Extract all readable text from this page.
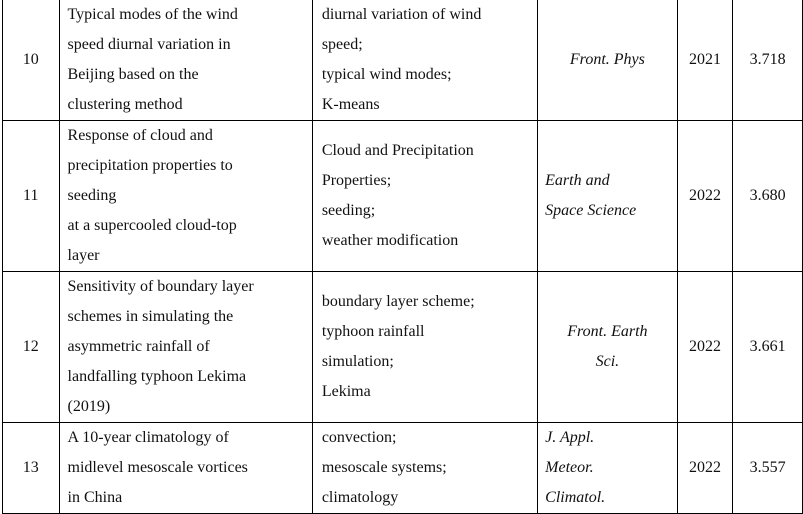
10	Typical modes of the wind
speed diurnal variation in
Beijing based on the
clustering method	diurnal variation of wind
speed;
typical wind modes;
K-means	Front. Phys	2021	3.718
11	Response of cloud and
precipitation properties to
seeding
at a supercooled cloud-top
layer	Cloud and Precipitation
Properties;
seeding;
weather modification	Earth and
Space Science	2022	3.680
12	Sensitivity of boundary layer
schemes in simulating the
asymmetric rainfall of
landfalling typhoon Lekima
(2019)	boundary layer scheme;
typhoon rainfall
simulation;
Lekima	Front. Earth
Sci.	2022	3.661
13	A 10-year climatology of
midlevel mesoscale vortices
in China	convection;
mesoscale systems;
climatology	J. Appl.
Meteor.
Climatol.	2022	3.557
